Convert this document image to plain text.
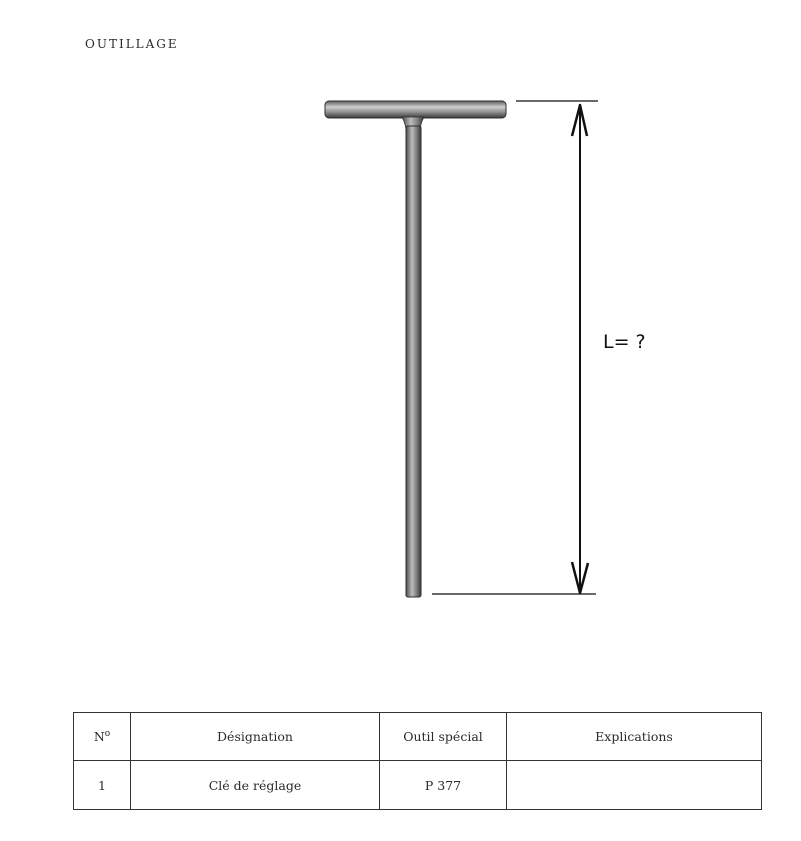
OUTILLAGE
L= ?
$N^o$	Désignation	Outil spécial	Explications
1	Clé de réglage	P 377	
